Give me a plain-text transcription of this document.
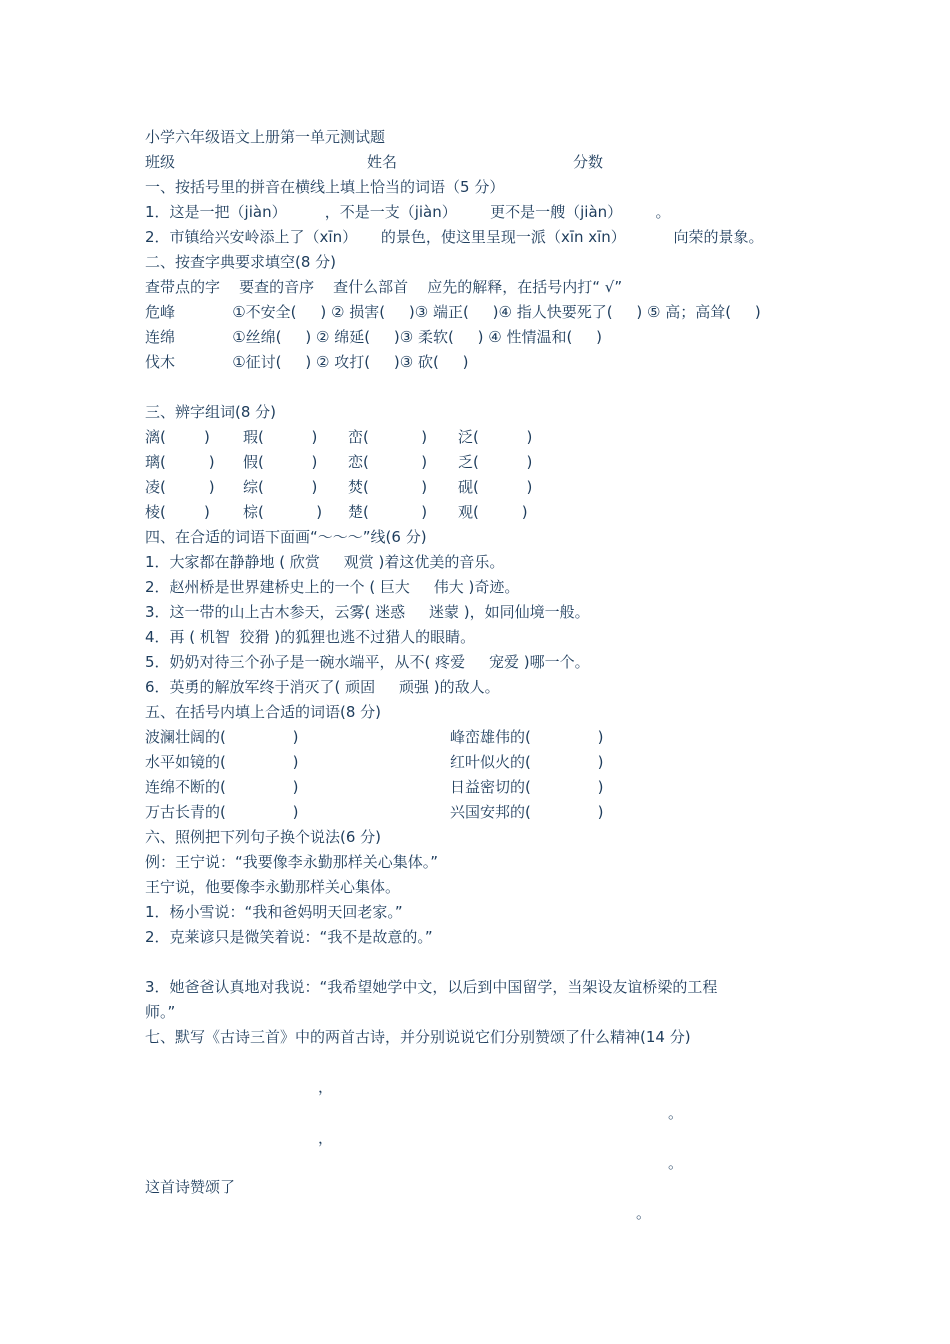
小学六年级语文上册第一单元测试题
班级	姓名	分数
一、按括号里的拼音在横线上填上恰当的词语（5 分）
1．这是一把（jiàn）        ，不是一支（jiàn）       更不是一艘（jiàn）       。
2．市镇给兴安岭添上了（xīn）     的景色，使这里呈现一派（xīn xīn）          向荣的景象。
二、按查字典要求填空(8 分)
查带点的字    要查的音序    查什么部首    应先的解释，在括号内打“ √”
危峰            ①不安全(     ) ② 损害(     )③ 端正(     )④ 指人快要死了(     ) ⑤ 高；高耸(     )
连绵            ①丝绵(     ) ② 绵延(     )③ 柔软(     ) ④ 性情温和(     )
伐木            ①征讨(     ) ② 攻打(     )③ 砍(     )
三、辨字组词(8 分)
漓(        ) 瑕(          ) 峦(           ) 泛(          )
璃(         ) 假(          ) 恋(           ) 乏(          )
凌(         ) 综(          ) 焚(           ) 砚(          )
棱(        ) 棕(           ) 楚(           ) 观(         )
四、在合适的词语下面画“～～～”线(6 分)
1．大家都在静静地 ( 欣赏     观赏 )着这优美的音乐。
2．赵州桥是世界建桥史上的一个 ( 巨大     伟大 )奇迹。
3．这一带的山上古木参天，云雾( 迷惑     迷蒙 )，如同仙境一般。
4．再 ( 机智  狡猾 )的狐狸也逃不过猎人的眼睛。
5．奶奶对待三个孙子是一碗水端平，从不( 疼爱     宠爱 )哪一个。
6．英勇的解放军终于消灭了( 顽固     顽强 )的敌人。
五、在括号内填上合适的词语(8 分)
波澜壮阔的(              )	峰峦雄伟的(              )
水平如镜的(              )	红叶似火的(              )
连绵不断的(              )	日益密切的(              )
万古长青的(              )	兴国安邦的(              )
六、照例把下列句子换个说法(6 分)
例：王宁说：“我要像李永勤那样关心集体。”
王宁说，他要像李永勤那样关心集体。
1．杨小雪说：“我和爸妈明天回老家。”
2．克莱谚只是微笑着说：“我不是故意的。”
3．她爸爸认真地对我说：“我希望她学中文，以后到中国留学，当架设友谊桥梁的工程
师。”
七、默写《古诗三首》中的两首古诗，并分别说说它们分别赞颂了什么精神(14 分)
，
。
，
。
这首诗赞颂了
。
